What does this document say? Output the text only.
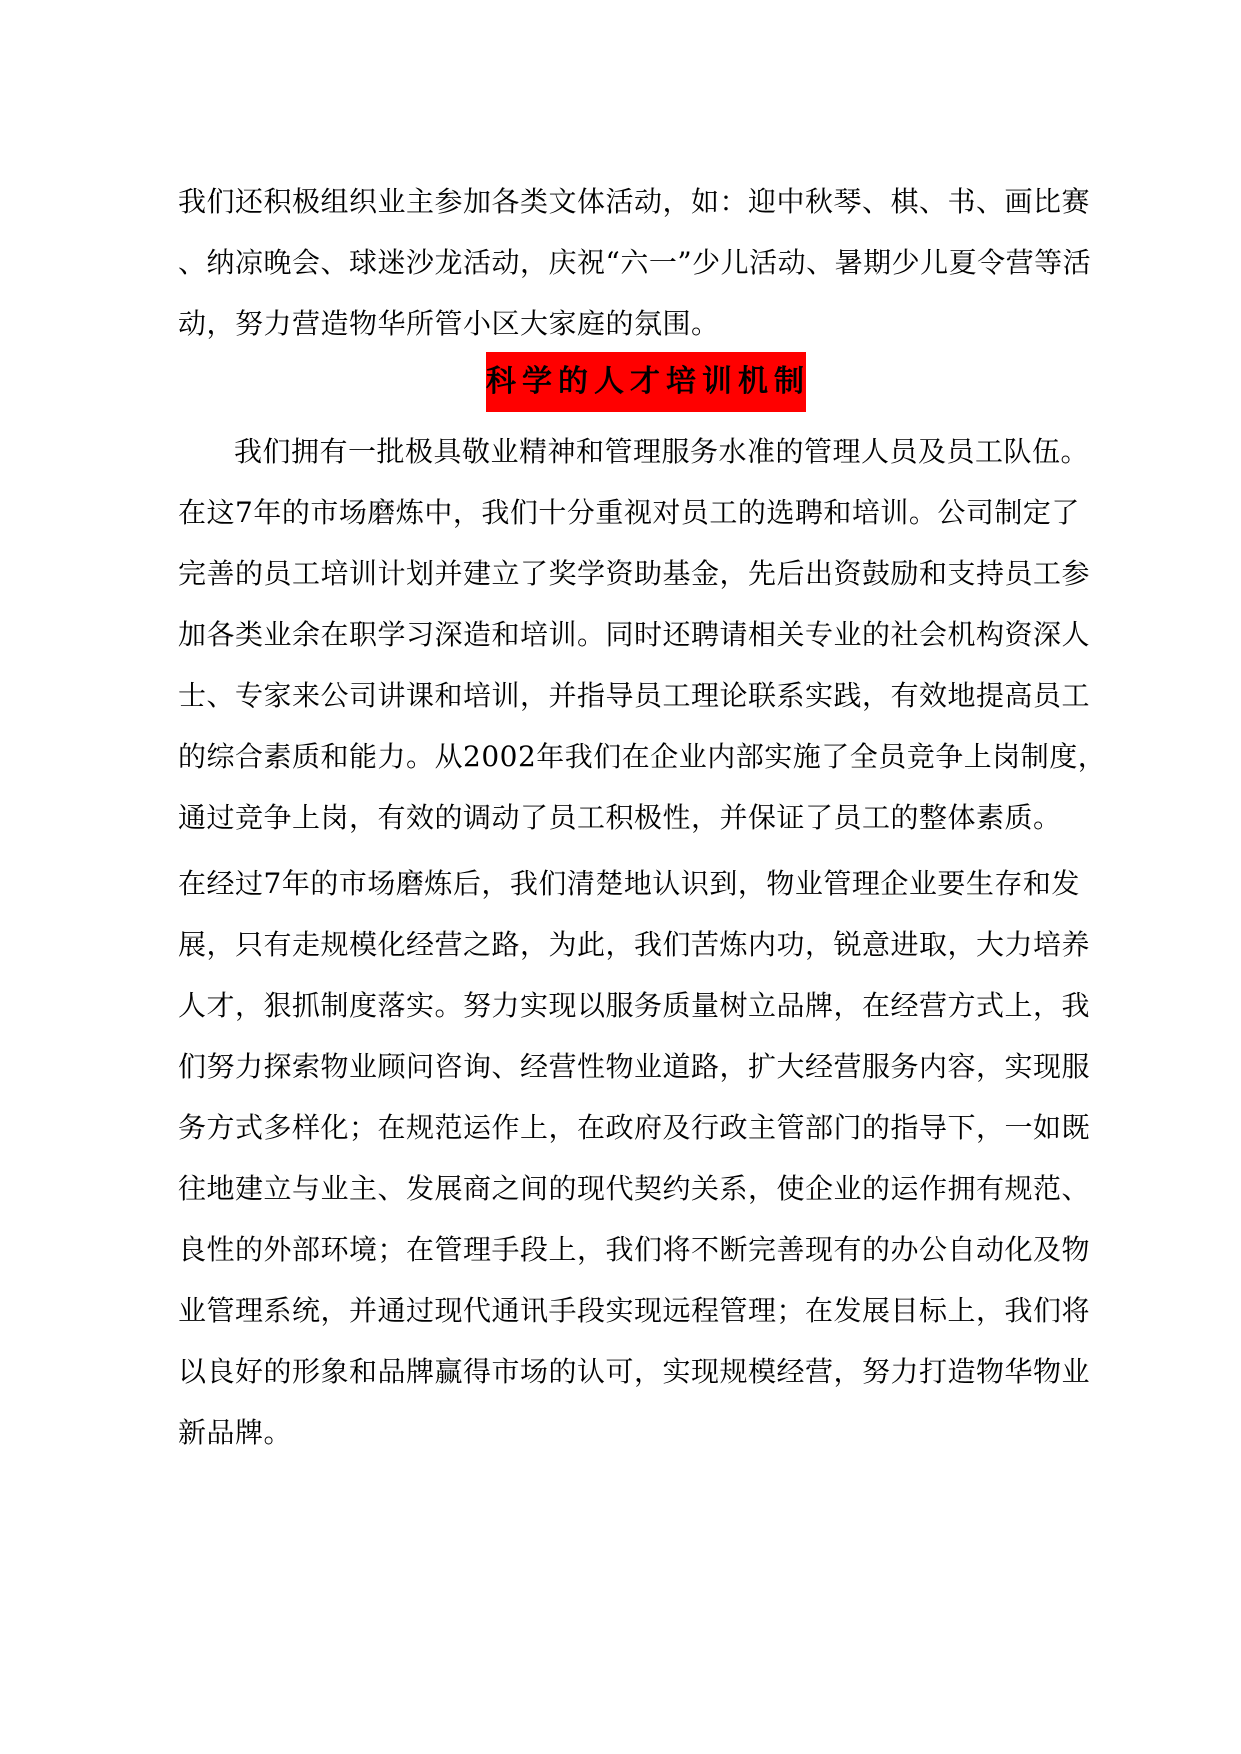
我们还积极组织业主参加各类文体活动，如：迎中秋琴、棋、书、画比赛
、纳凉晚会、球迷沙龙活动，庆祝“六一”少儿活动、暑期少儿夏令营等活
动，努力营造物华所管小区大家庭的氛围。
科学的人才培训机制
我们拥有一批极具敬业精神和管理服务水准的管理人员及员工队伍。
在这7年的市场磨炼中，我们十分重视对员工的选聘和培训。公司制定了
完善的员工培训计划并建立了奖学资助基金，先后出资鼓励和支持员工参
加各类业余在职学习深造和培训。同时还聘请相关专业的社会机构资深人
士、专家来公司讲课和培训，并指导员工理论联系实践，有效地提高员工
的综合素质和能力。从2002年我们在企业内部实施了全员竞争上岗制度，
通过竞争上岗，有效的调动了员工积极性，并保证了员工的整体素质。
在经过7年的市场磨炼后，我们清楚地认识到，物业管理企业要生存和发
展，只有走规模化经营之路，为此，我们苦炼内功，锐意进取，大力培养
人才，狠抓制度落实。努力实现以服务质量树立品牌，在经营方式上，我
们努力探索物业顾问咨询、经营性物业道路，扩大经营服务内容，实现服
务方式多样化；在规范运作上，在政府及行政主管部门的指导下，一如既
往地建立与业主、发展商之间的现代契约关系，使企业的运作拥有规范、
良性的外部环境；在管理手段上，我们将不断完善现有的办公自动化及物
业管理系统，并通过现代通讯手段实现远程管理；在发展目标上，我们将
以良好的形象和品牌赢得市场的认可，实现规模经营，努力打造物华物业
新品牌。
